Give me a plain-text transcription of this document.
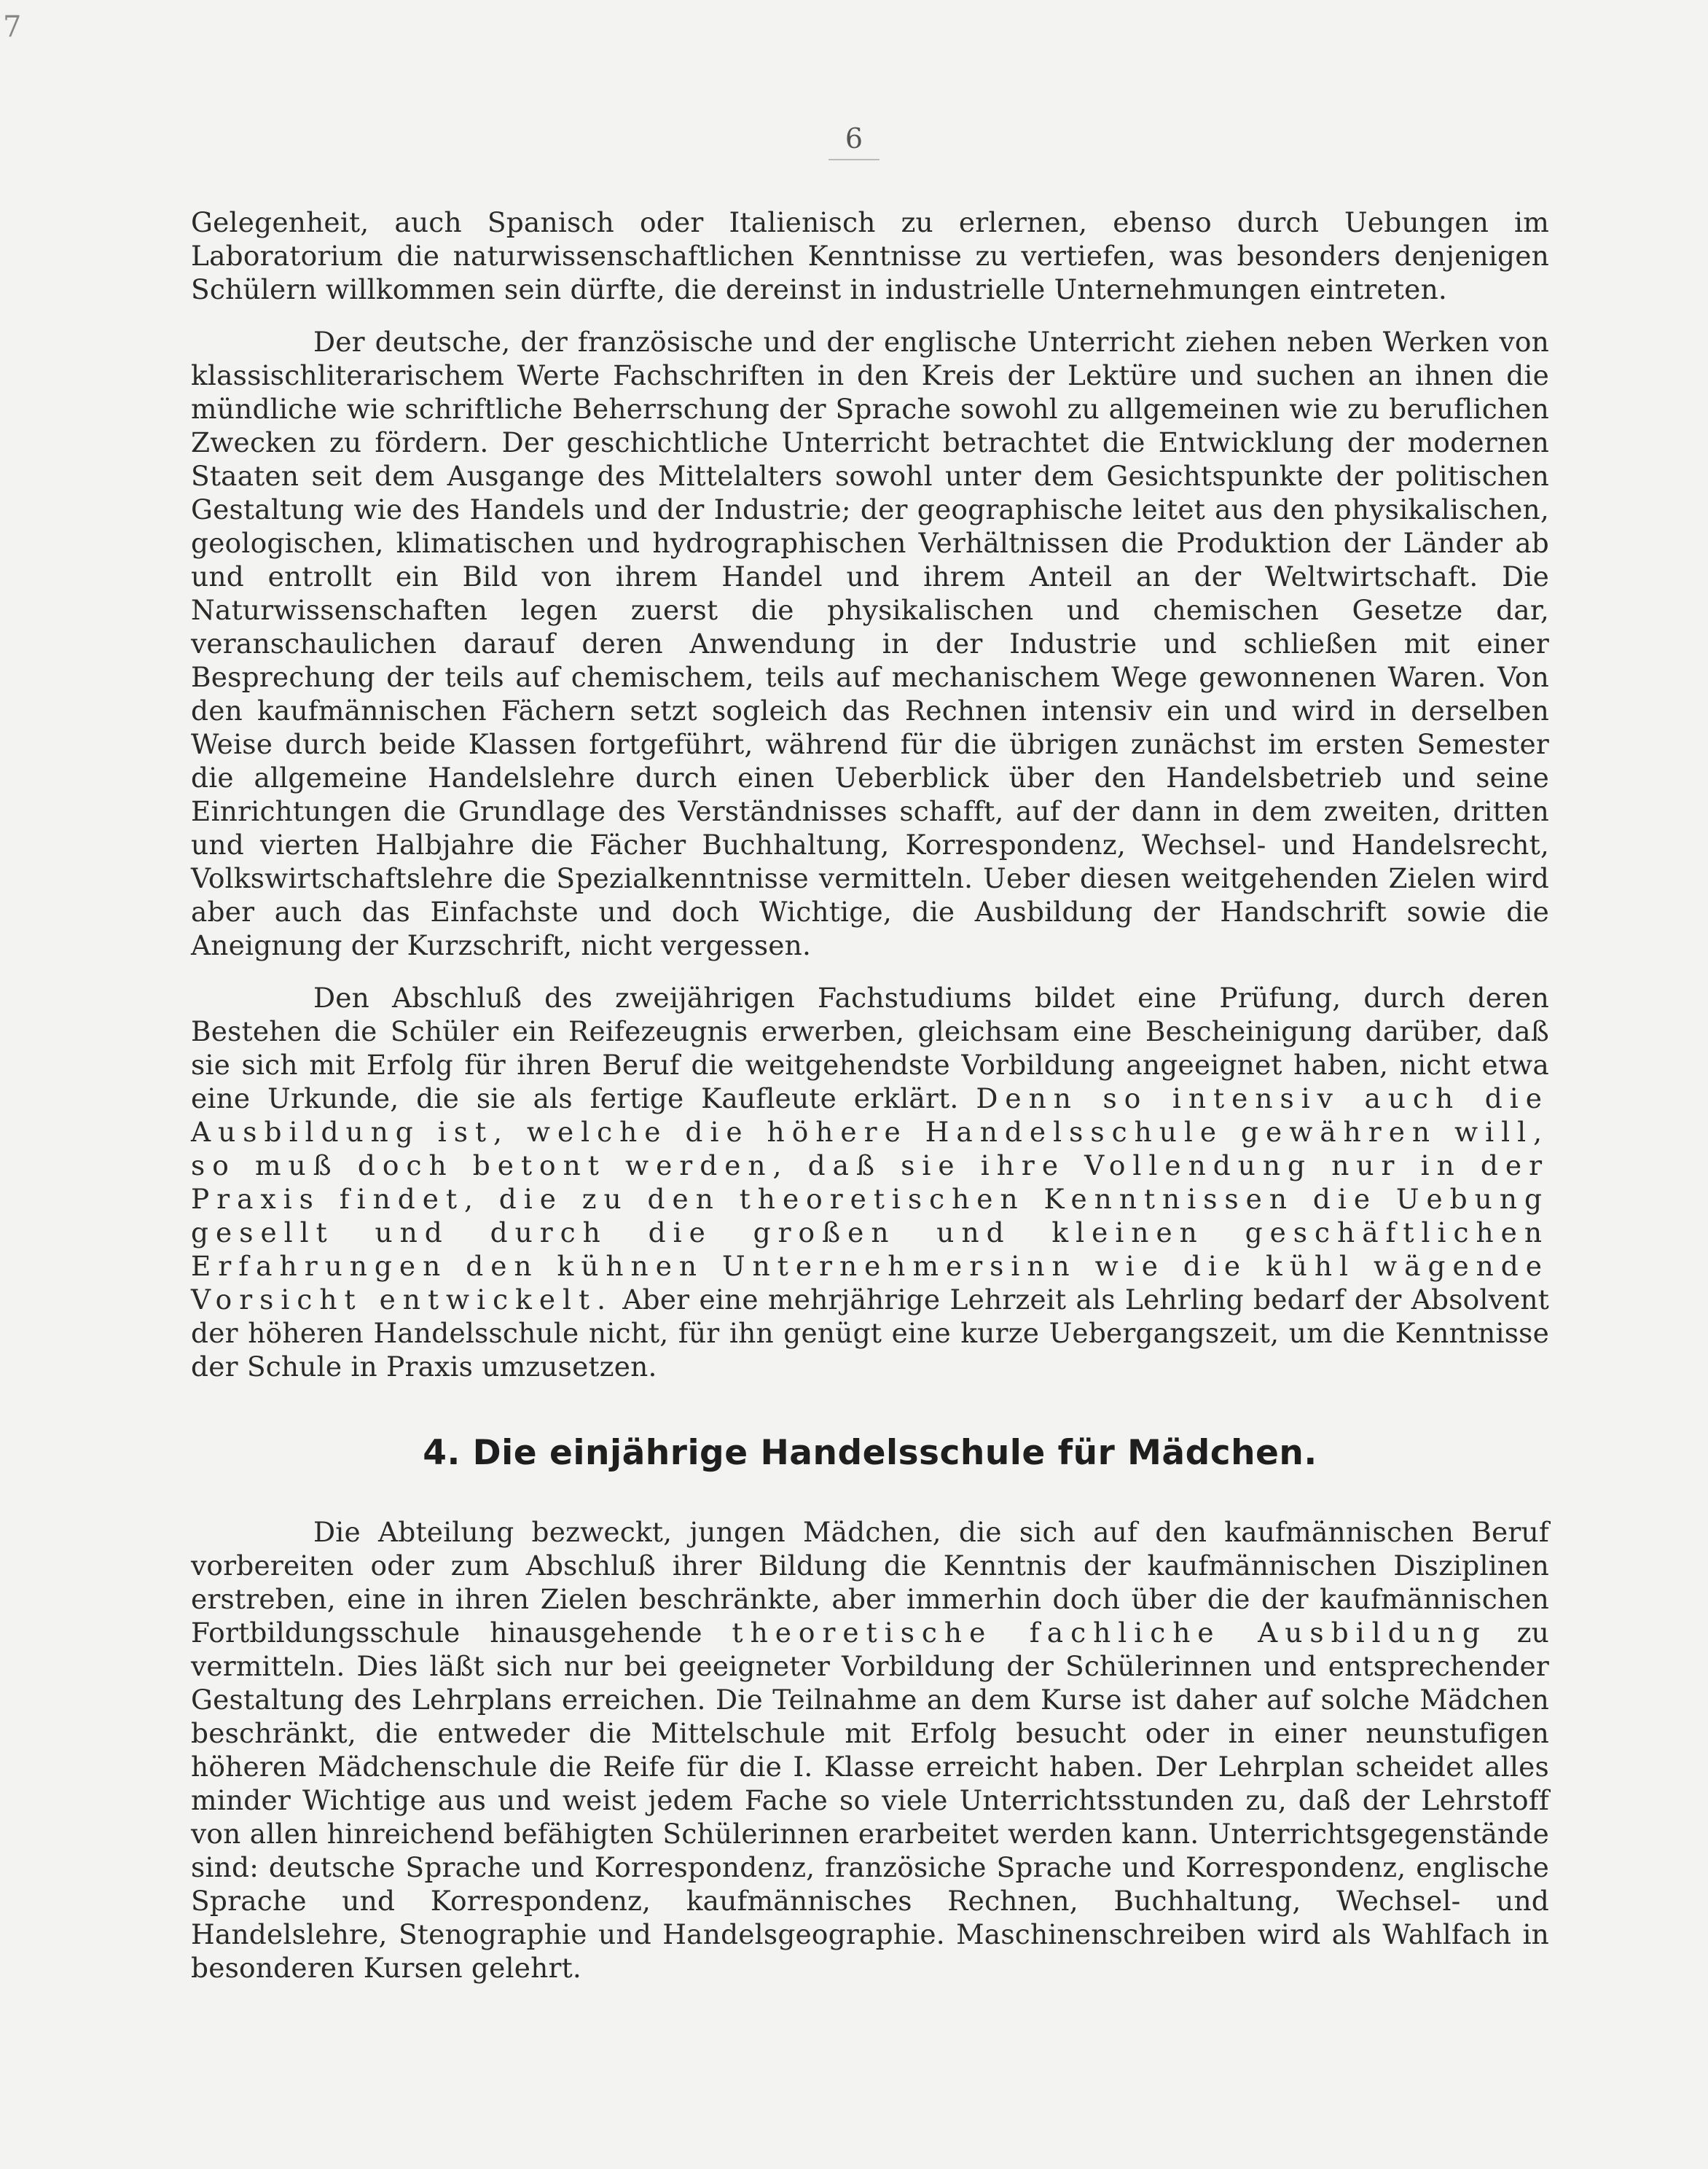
7
6

Gelegenheit, auch Spanisch oder Italienisch zu erlernen, ebenso durch Uebungen im Laboratorium die naturwissenschaftlichen Kenntnisse zu vertiefen, was besonders denjenigen Schülern willkommen sein dürfte, die dereinst in industrielle Unternehmungen eintreten.

Der deutsche, der französische und der englische Unterricht ziehen neben Werken von klassischliterarischem Werte Fachschriften in den Kreis der Lektüre und suchen an ihnen die mündliche wie schriftliche Beherrschung der Sprache sowohl zu allgemeinen wie zu beruflichen Zwecken zu fördern. Der geschichtliche Unterricht betrachtet die Entwicklung der modernen Staaten seit dem Ausgange des Mittelalters sowohl unter dem Gesichtspunkte der politischen Gestaltung wie des Handels und der Industrie; der geographische leitet aus den physikalischen, geologischen, klimatischen und hydrographischen Verhältnissen die Produktion der Länder ab und entrollt ein Bild von ihrem Handel und ihrem Anteil an der Weltwirtschaft. Die Naturwissenschaften legen zuerst die physikalischen und chemischen Gesetze dar, veranschaulichen darauf deren Anwendung in der Industrie und schließen mit einer Besprechung der teils auf chemischem, teils auf mechanischem Wege gewonnenen Waren. Von den kaufmännischen Fächern setzt sogleich das Rechnen intensiv ein und wird in derselben Weise durch beide Klassen fortgeführt, während für die übrigen zunächst im ersten Semester die allgemeine Handelslehre durch einen Ueberblick über den Handelsbetrieb und seine Einrichtungen die Grundlage des Verständnisses schafft, auf der dann in dem zweiten, dritten und vierten Halbjahre die Fächer Buchhaltung, Korrespondenz, Wechsel- und Handelsrecht, Volkswirtschaftslehre die Spezialkenntnisse vermitteln. Ueber diesen weitgehenden Zielen wird aber auch das Einfachste und doch Wichtige, die Ausbildung der Handschrift sowie die Aneignung der Kurzschrift, nicht vergessen.

Den Abschluß des zweijährigen Fachstudiums bildet eine Prüfung, durch deren Bestehen die Schüler ein Reifezeugnis erwerben, gleichsam eine Bescheinigung darüber, daß sie sich mit Erfolg für ihren Beruf die weitgehendste Vorbildung angeeignet haben, nicht etwa eine Urkunde, die sie als fertige Kaufleute erklärt. Denn so intensiv auch die Ausbildung ist, welche die höhere Handelsschule gewähren will, so muß doch betont werden, daß sie ihre Vollendung nur in der Praxis findet, die zu den theoretischen Kenntnissen die Uebung gesellt und durch die großen und kleinen geschäftlichen Erfahrungen den kühnen Unternehmersinn wie die kühl wägende Vorsicht entwickelt. Aber eine mehrjährige Lehrzeit als Lehrling bedarf der Absolvent der höheren Handelsschule nicht, für ihn genügt eine kurze Uebergangszeit, um die Kenntnisse der Schule in Praxis umzusetzen.

4. Die einjährige Handelsschule für Mädchen.

Die Abteilung bezweckt, jungen Mädchen, die sich auf den kaufmännischen Beruf vorbereiten oder zum Abschluß ihrer Bildung die Kenntnis der kaufmännischen Disziplinen erstreben, eine in ihren Zielen beschränkte, aber immerhin doch über die der kaufmännischen Fortbildungsschule hinausgehende theoretische fachliche Ausbildung zu vermitteln. Dies läßt sich nur bei geeigneter Vorbildung der Schülerinnen und entsprechender Gestaltung des Lehrplans erreichen. Die Teilnahme an dem Kurse ist daher auf solche Mädchen beschränkt, die entweder die Mittelschule mit Erfolg besucht oder in einer neunstufigen höheren Mädchenschule die Reife für die I. Klasse erreicht haben. Der Lehrplan scheidet alles minder Wichtige aus und weist jedem Fache so viele Unterrichtsstunden zu, daß der Lehrstoff von allen hinreichend befähigten Schülerinnen erarbeitet werden kann. Unterrichtsgegenstände sind: deutsche Sprache und Korrespondenz, französiche Sprache und Korrespondenz, englische Sprache und Korrespondenz, kaufmännisches Rechnen, Buchhaltung, Wechsel- und Handelslehre, Stenographie und Handelsgeographie. Maschinenschreiben wird als Wahlfach in besonderen Kursen gelehrt.
